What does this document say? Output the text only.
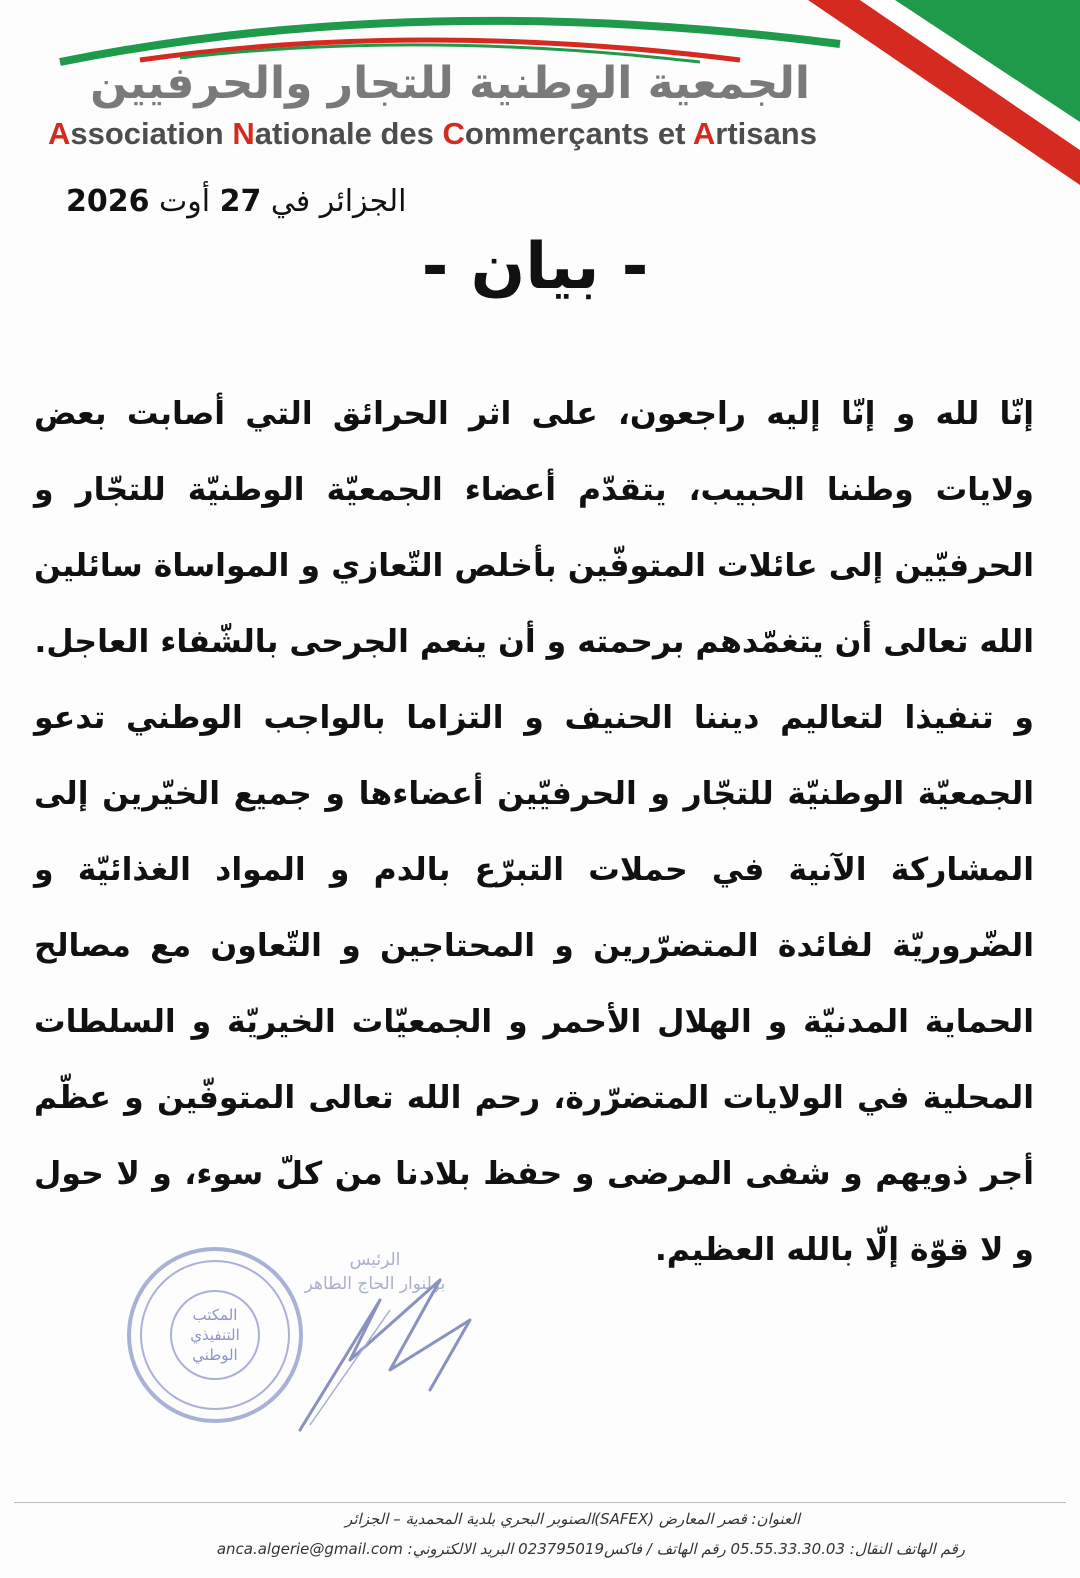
الجمعية الوطنية للتجار والحرفيين
Association Nationale des Commerçants et Artisans
الجزائر في 27 أوت 2026
- بيان -

إنّا لله و إنّا إليه راجعون، على اثر الحرائق التي أصابت بعض ولايات وطننا الحبيب، يتقدّم أعضاء الجمعيّة الوطنيّة للتجّار و الحرفيّين إلى عائلات المتوفّين بأخلص التّعازي و المواساة سائلين الله تعالى أن يتغمّدهم برحمته و أن ينعم الجرحى بالشّفاء العاجل.

و تنفيذا لتعاليم ديننا الحنيف و التزاما بالواجب الوطني تدعو الجمعيّة الوطنيّة للتجّار و الحرفيّين أعضاءها و جميع الخيّرين إلى المشاركة الآنية في حملات التبرّع بالدم و المواد الغذائيّة و الضّروريّة لفائدة المتضرّرين و المحتاجين و التّعاون مع مصالح الحماية المدنيّة و الهلال الأحمر و الجمعيّات الخيريّة و السلطات المحلية في الولايات المتضرّرة، رحم الله تعالى المتوفّين و عظّم أجر ذويهم و شفى المرضى و حفظ بلادنا من كلّ سوء، و لا حول و لا قوّة إلّا بالله العظيم.

المكتب
التنفيذي
الوطني
الرئيس
بولنوار الحاج الطاهر
العنوان: قصر المعارض (SAFEX)الصنوبر البحري بلدية المحمدية – الجزائر
رقم الهاتف النقال: 05.55.33.30.03 رقم الهاتف / فاكس023795019 البريد الالكتروني: anca.algerie@gmail.com
